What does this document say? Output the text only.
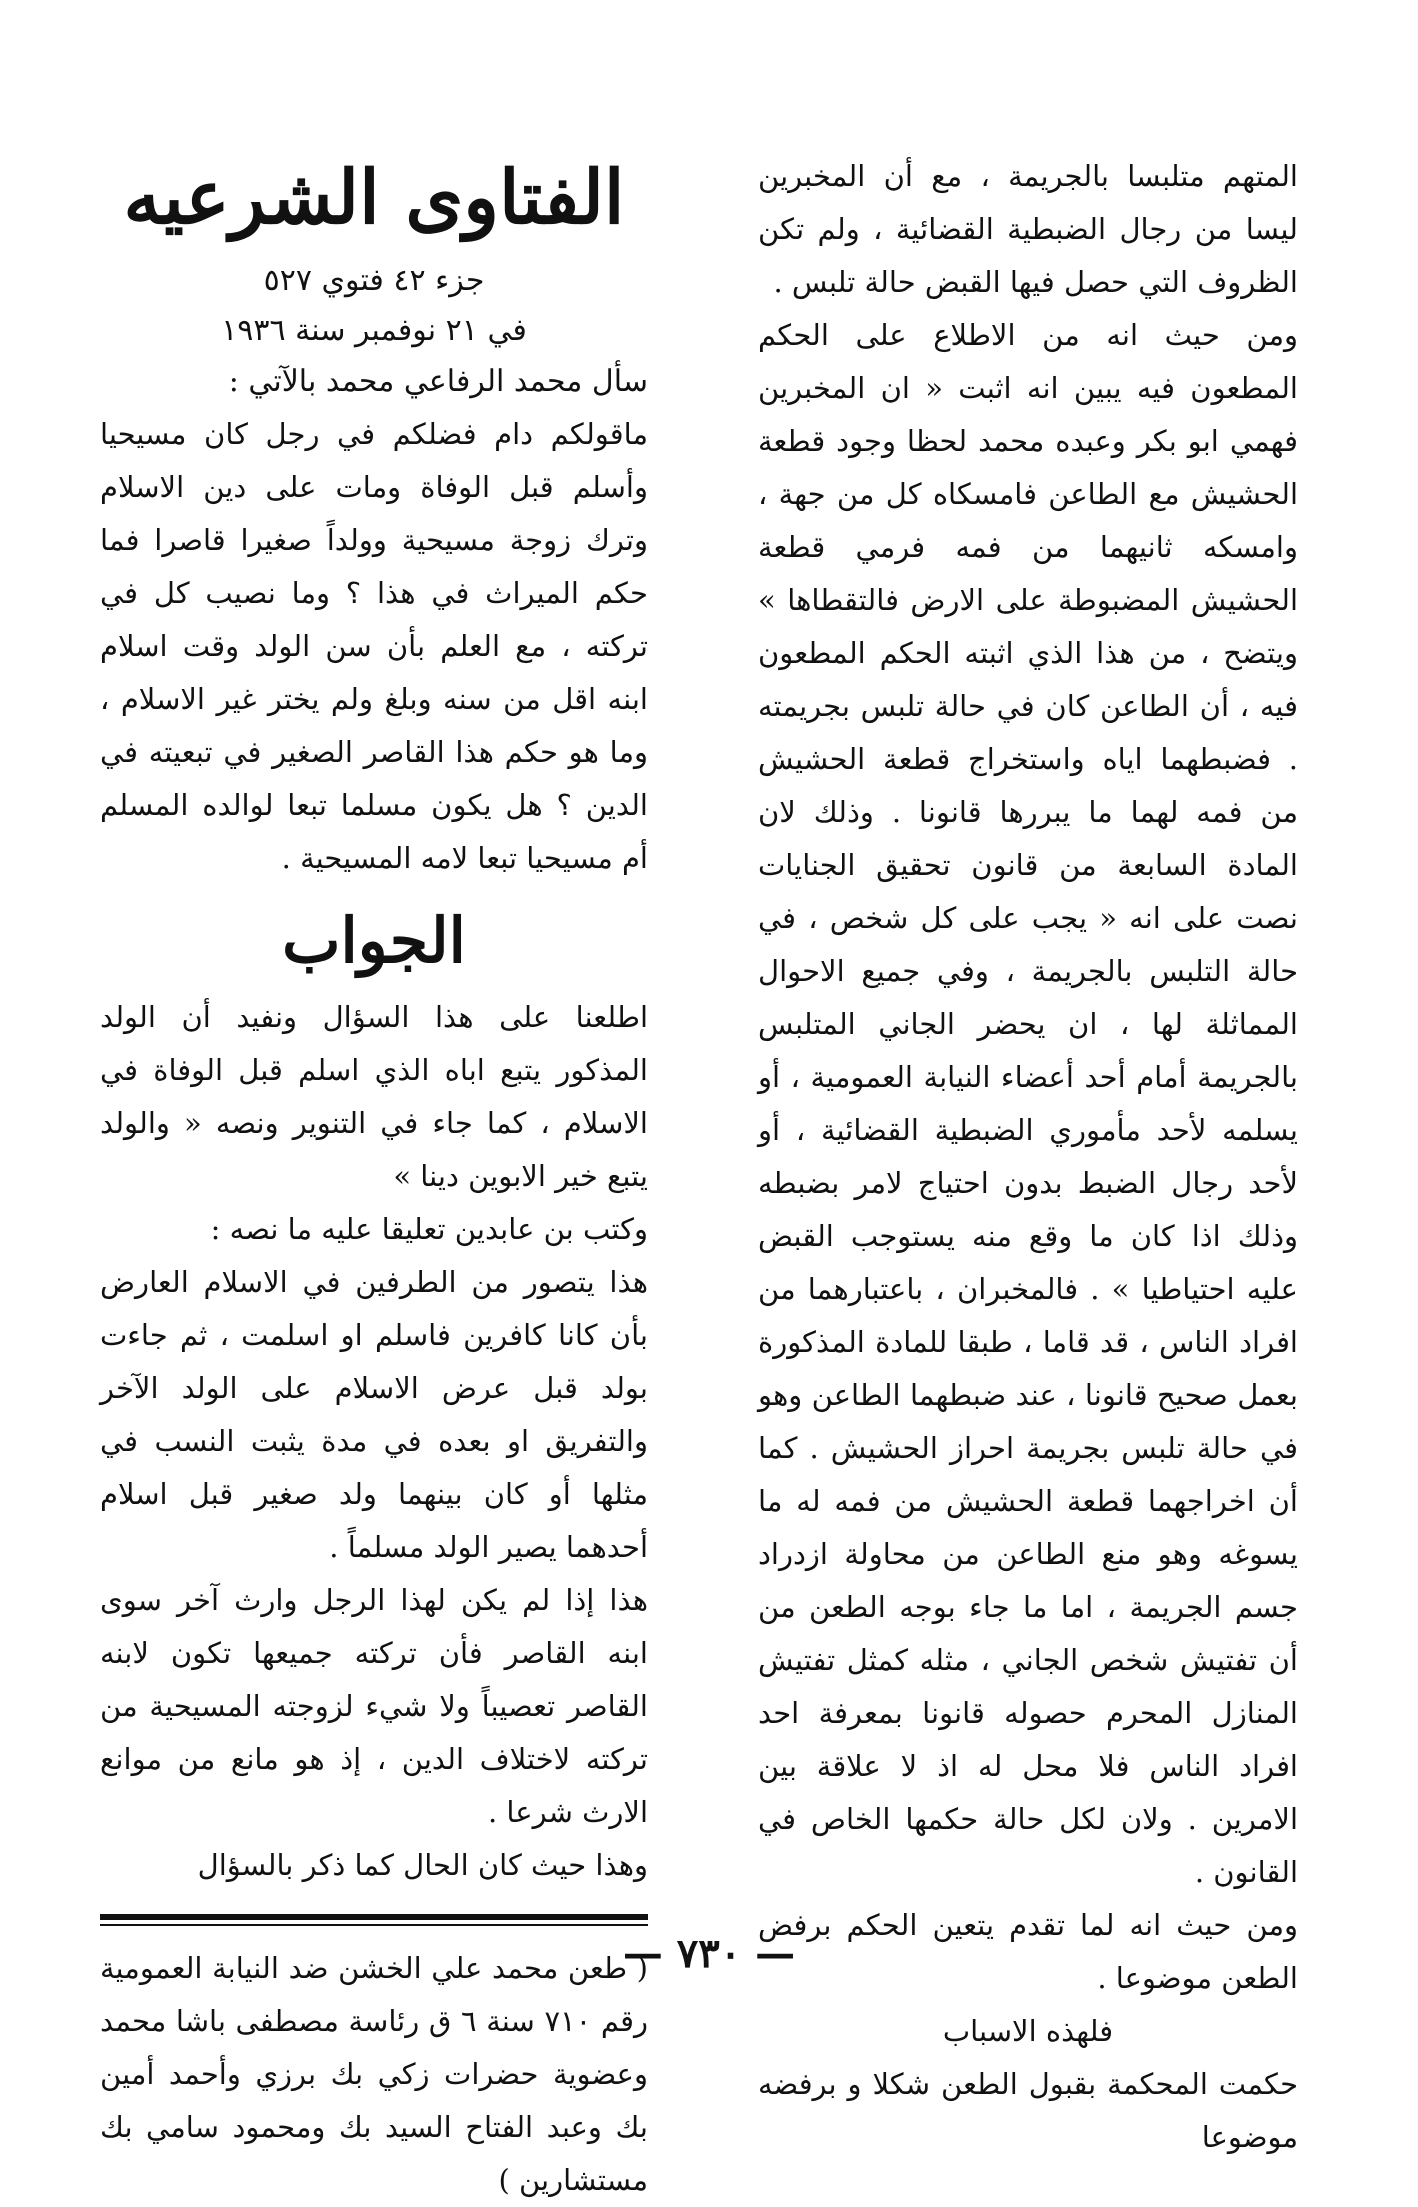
المتهم متلبسا بالجريمة ، مع أن المخبرين ليسا من رجال الضبطية القضائية ، ولم تكن الظروف التي حصل فيها القبض حالة تلبس .

ومن حيث انه من الاطلاع على الحكم المطعون فيه يبين انه اثبت « ان المخبرين فهمي ابو بكر وعبده محمد لحظا وجود قطعة الحشيش مع الطاعن فامسكاه كل من جهة ، وامسكه ثانيهما من فمه فرمي قطعة الحشيش المضبوطة على الارض فالتقطاها » ويتضح ، من هذا الذي اثبته الحكم المطعون فيه ، أن الطاعن كان في حالة تلبس بجريمته . فضبطهما اياه واستخراج قطعة الحشيش من فمه لهما ما يبررها قانونا . وذلك لان المادة السابعة من قانون تحقيق الجنايات نصت على انه « يجب على كل شخص ، في حالة التلبس بالجريمة ، وفي جميع الاحوال المماثلة لها ، ان يحضر الجاني المتلبس بالجريمة أمام أحد أعضاء النيابة العمومية ، أو يسلمه لأحد مأموري الضبطية القضائية ، أو لأحد رجال الضبط بدون احتياج لامر بضبطه وذلك اذا كان ما وقع منه يستوجب القبض عليه احتياطيا » . فالمخبران ، باعتبارهما من افراد الناس ، قد قاما ، طبقا للمادة المذكورة بعمل صحيح قانونا ، عند ضبطهما الطاعن وهو في حالة تلبس بجريمة احراز الحشيش . كما أن اخراجهما قطعة الحشيش من فمه له ما يسوغه وهو منع الطاعن من محاولة ازدراد جسم الجريمة ، اما ما جاء بوجه الطعن من أن تفتيش شخص الجاني ، مثله كمثل تفتيش المنازل المحرم حصوله قانونا بمعرفة احد افراد الناس فلا محل له اذ لا علاقة بين الامرين . ولان لكل حالة حكمها الخاص في القانون .

ومن حيث انه لما تقدم يتعين الحكم برفض الطعن موضوعا .

فلهذه الاسباب

حكمت المحكمة بقبول الطعن شكلا و برفضه موضوعا

الفتاوى الشرعيه

جزء ٤٢ فتوي ٥٢٧

في ٢١ نوفمبر سنة ١٩٣٦

سأل محمد الرفاعي محمد بالآتي :

ماقولكم دام فضلكم في رجل كان مسيحيا وأسلم قبل الوفاة ومات على دين الاسلام وترك زوجة مسيحية وولداً صغيرا قاصرا فما حكم الميراث في هذا ؟ وما نصيب كل في تركته ، مع العلم بأن سن الولد وقت اسلام ابنه اقل من سنه وبلغ ولم يختر غير الاسلام ، وما هو حكم هذا القاصر الصغير في تبعيته في الدين ؟ هل يكون مسلما تبعا لوالده المسلم أم مسيحيا تبعا لامه المسيحية .

الجواب

اطلعنا على هذا السؤال ونفيد أن الولد المذكور يتبع اباه الذي اسلم قبل الوفاة في الاسلام ، كما جاء في التنوير ونصه « والولد يتبع خير الابوين دينا »

وكتب بن عابدين تعليقا عليه ما نصه :

هذا يتصور من الطرفين في الاسلام العارض بأن كانا كافرين فاسلم او اسلمت ، ثم جاءت بولد قبل عرض الاسلام على الولد الآخر والتفريق او بعده في مدة يثبت النسب في مثلها أو كان بينهما ولد صغير قبل اسلام أحدهما يصير الولد مسلماً .

هذا إذا لم يكن لهذا الرجل وارث آخر سوى ابنه القاصر فأن تركته جميعها تكون لابنه القاصر تعصيباً ولا شيء لزوجته المسيحية من تركته لاختلاف الدين ، إذ هو مانع من موانع الارث شرعا .

وهذا حيث كان الحال كما ذكر بالسؤال

( طعن محمد علي الخشن ضد النيابة العمومية رقم ٧١٠ سنة ٦ ق رئاسة مصطفى باشا محمد وعضوية حضرات زكي بك برزي وأحمد أمين بك وعبد الفتاح السيد بك ومحمود سامي بك مستشارين )

— ٧٣٠ —
